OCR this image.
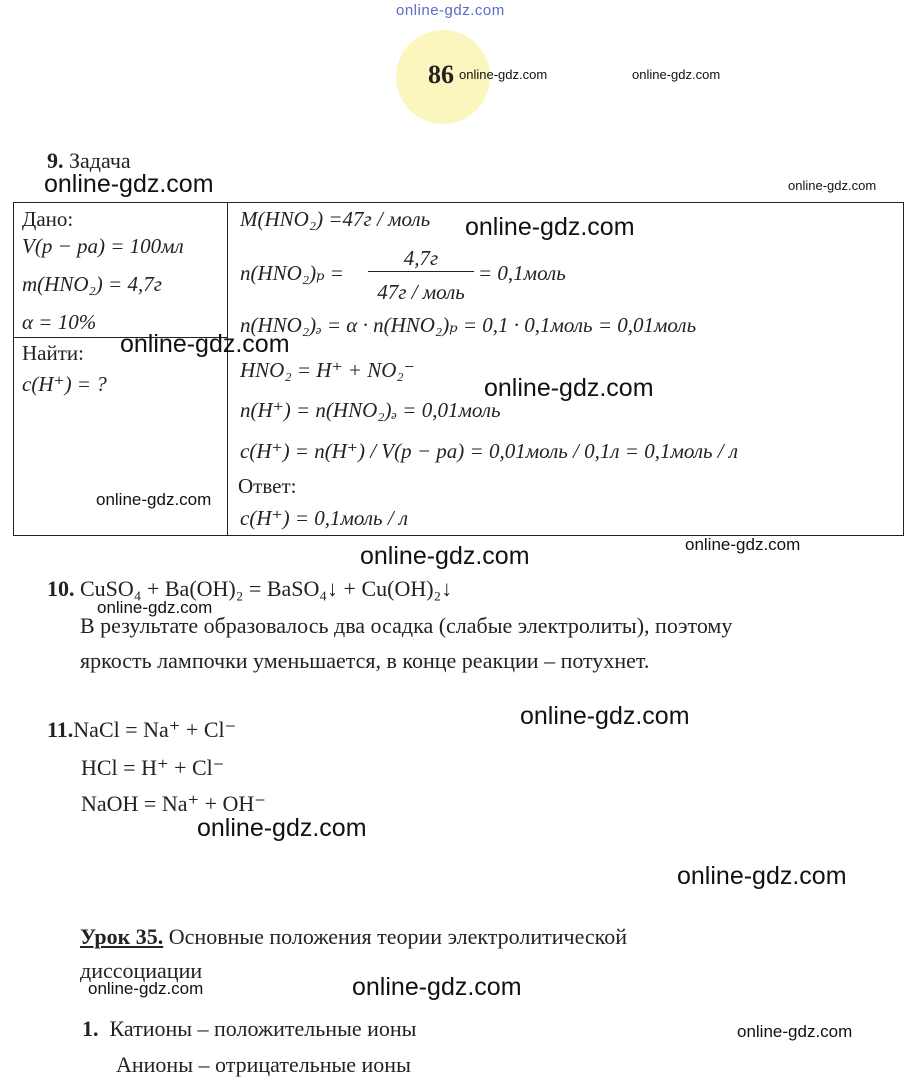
online-gdz.com
86 online-gdz.com	online-gdz.com
9. Задача
online-gdz.com	online-gdz.com
Дано:
V(p − pa) = 100мл
m(HNO₂) = 4,7г
α = 10%
Найти:
c(H⁺) = ?
online-gdz.com
online-gdz.com
M(HNO₂) =47г / моль online-gdz.com
n(HNO₂)ₚ =
4,7г
47г / моль
= 0,1моль
n(HNO₂)ₔ = α · n(HNO₂)ₚ = 0,1 · 0,1моль = 0,01моль
HNO₂ = H⁺ + NO₂⁻
online-gdz.com
n(H⁺) = n(HNO₂)ₔ = 0,01моль
c(H⁺) = n(H⁺) / V(p − pa) = 0,01моль / 0,1л = 0,1моль / л
Ответ:
c(H⁺) = 0,1моль / л
online-gdz.com	online-gdz.com
10. CuSO₄ + Ba(OH)₂ = BaSO₄↓ + Cu(OH)₂↓
online-gdz.com
В результате образовалось два осадка (слабые электролиты), поэтому
яркость лампочки уменьшается, в конце реакции – потухнет.
online-gdz.com
11.NaCl = Na⁺ + Cl⁻
HCl = H⁺ + Cl⁻
NaOH = Na⁺ + OH⁻
online-gdz.com
online-gdz.com
Урок 35. Основные положения теории электролитической
диссоциации
online-gdz.com	online-gdz.com
1. Катионы – положительные ионы
Анионы – отрицательные ионы
online-gdz.com
